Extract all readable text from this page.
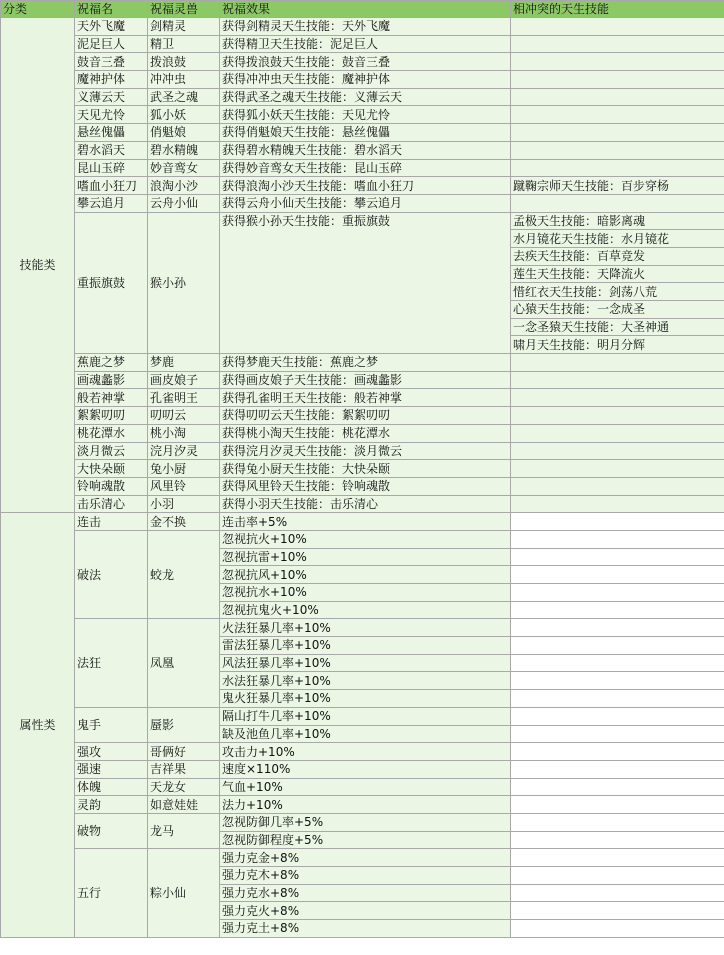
分类	祝福名	祝福灵兽	祝福效果	相冲突的天生技能
技能类	天外飞魔	剑精灵	获得剑精灵天生技能：天外飞魔	
	泥足巨人	精卫	获得精卫天生技能：泥足巨人	
	鼓音三叠	拨浪鼓	获得拨浪鼓天生技能：鼓音三叠	
	魔神护体	冲冲虫	获得冲冲虫天生技能：魔神护体	
	义薄云天	武圣之魂	获得武圣之魂天生技能：义薄云天	
	天见尤怜	狐小妖	获得狐小妖天生技能：天见尤怜	
	悬丝傀儡	俏魁娘	获得俏魁娘天生技能：悬丝傀儡	
	碧水滔天	碧水精魄	获得碧水精魄天生技能：碧水滔天	
	昆山玉碎	妙音鸾女	获得妙音鸾女天生技能：昆山玉碎	
	嗜血小狂刀	浪淘小沙	获得浪淘小沙天生技能：嗜血小狂刀	蹴鞠宗师天生技能：百步穿杨
	攀云追月	云舟小仙	获得云舟小仙天生技能：攀云追月	
	重振旗鼓	猴小孙	获得猴小孙天生技能：重振旗鼓	孟极天生技能：暗影离魂
				水月镜花天生技能：水月镜花
				去疾天生技能：百草竞发
				莲生天生技能：天降流火
				惜红衣天生技能：剑荡八荒
				心猿天生技能：一念成圣
				一念圣猿天生技能：大圣神通
				啸月天生技能：明月分辉
	蕉鹿之梦	梦鹿	获得梦鹿天生技能：蕉鹿之梦	
	画魂蠡影	画皮娘子	获得画皮娘子天生技能：画魂蠡影	
	般若神掌	孔雀明王	获得孔雀明王天生技能：般若神掌	
	絮絮叨叨	叨叨云	获得叨叨云天生技能：絮絮叨叨	
	桃花潭水	桃小淘	获得桃小淘天生技能：桃花潭水	
	淡月微云	浣月汐灵	获得浣月汐灵天生技能：淡月微云	
	大快朵颐	兔小厨	获得兔小厨天生技能：大快朵颐	
	铃响魂散	风里铃	获得风里铃天生技能：铃响魂散	
	击乐清心	小羽	获得小羽天生技能：击乐清心	
属性类	连击	金不换	连击率+5%	
	破法	蛟龙	忽视抗火+10%	
			忽视抗雷+10%	
			忽视抗风+10%	
			忽视抗水+10%	
			忽视抗鬼火+10%	
	法狂	凤凰	火法狂暴几率+10%	
			雷法狂暴几率+10%	
			风法狂暴几率+10%	
			水法狂暴几率+10%	
			鬼火狂暴几率+10%	
	鬼手	蜃影	隔山打牛几率+10%	
			缺及池鱼几率+10%	
	强攻	哥俩好	攻击力+10%	
	强速	吉祥果	速度×110%	
	体魄	天龙女	气血+10%	
	灵韵	如意娃娃	法力+10%	
	破物	龙马	忽视防御几率+5%	
			忽视防御程度+5%	
	五行	粽小仙	强力克金+8%	
			强力克木+8%	
			强力克水+8%	
			强力克火+8%	
			强力克土+8%	
